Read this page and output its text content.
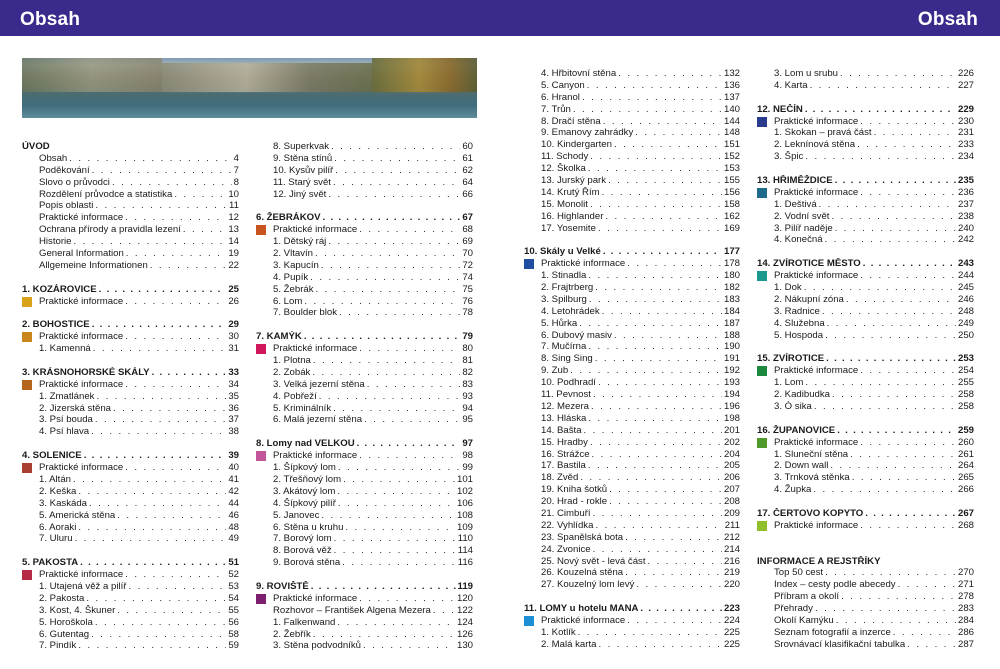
Obsah	Obsah
ÚVOD
Obsah . . .	4
Poděkování . . .	7
Slovo o průvodci . . .	8
Rozdělení průvodce a statistika . . .	10
Popis oblasti . . .	11
Praktické informace . . .	12
Ochrana přírody a pravidla lezení . . .	13
Historie . . .	14
General Information . . .	19
Allgemeine Informationen . . .	22
1. KOZÁROVICE . . .	25
Praktické informace . . .	26
2. BOHOSTICE . . .	29
Praktické informace . . .	30
1. Kamenná . . .	31
3. KRÁSNOHORSKÉ SKÁLY . . .	33
Praktické informace . . .	34
1. Zmatlánek . . .	35
2. Jizerská stěna . . .	36
3. Psí bouda . . .	37
4. Psí hlava . . .	38
4. SOLENICE . . .	39
Praktické informace . . .	40
1. Altán . . .	41
2. Keška . . .	42
3. Kaskáda . . .	44
5. Americká stěna . . .	46
6. Aoraki . . .	48
7. Uluru . . .	49
5. PAKOSTA . . .	51
Praktické informace . . .	52
1. Utajená věž a pilíř . . .	53
2. Pakosta . . .	54
3. Kost, 4. Škuner . . .	55
5. Horoškola . . .	56
6. Gutentag . . .	58
7. Pindík . . .	59
8. Superkvak . . .	60
9. Stěna stínů . . .	61
10. Kysův pilíř . . .	62
11. Starý svět . . .	64
12. Jiný svět . . .	66
6. ŽEBRÁKOV . . .	67
Praktické informace . . .	68
1. Dětský ráj . . .	69
2. Vltavín . . .	70
3. Kapucín . . .	72
4. Pupík . . .	74
5. Žebrák . . .	75
6. Lom . . .	76
7. Boulder blok . . .	78
7. KAMÝK . . .	79
Praktické informace . . .	80
1. Plotna . . .	81
2. Zobák . . .	82
3. Velká jezerní stěna . . .	83
4. Pobřeží . . .	93
5. Kriminálník . . .	94
6. Malá jezerní stěna . . .	95
8. Lomy nad VELKOU . . .	97
Praktické informace . . .	98
1. Šípkový lom . . .	99
2. Třešňový lom . . .	101
3. Akátový lom . . .	102
4. Šípkový pilíř . . .	106
5. Janovec . . .	108
6. Stěna u kruhu . . .	109
7. Borový lom . . .	110
8. Borová věž . . .	114
9. Borová stěna . . .	116
9. ROVIŠTĚ . . .	119
Praktické informace . . .	120
Rozhovor – František Algena Mezera . . .	122
1. Falkenwand . . .	124
2. Žebřík . . .	126
3. Stěna podvodníků . . .	130
4. Hřbitovní stěna . . .	132
5. Canyon . . .	136
6. Hranol . . .	137
7. Trůn . . .	140
8. Dračí stěna . . .	144
9. Emanovy zahrádky . . .	148
10. Kindergarten . . .	151
11. Schody . . .	152
12. Školka . . .	153
13. Jurský park . . .	155
14. Krutý Řím . . .	156
15. Monolit . . .	158
16. Highlander . . .	162
17. Yosemite . . .	169
10. Skály u Velké . . .	177
Praktické informace . . .	178
1. Stinadla . . .	180
2. Frajtrberg . . .	182
3. Spilburg . . .	183
4. Letohrádek . . .	184
5. Hůrka . . .	187
6. Dubový masiv . . .	188
7. Mučírna . . .	190
8. Sing Sing . . .	191
9. Zub . . .	192
10. Podhradí . . .	193
11. Pevnost . . .	194
12. Mezera . . .	196
13. Hláska . . .	198
14. Bašta . . .	201
15. Hradby . . .	202
16. Strážce . . .	204
17. Bastila . . .	205
18. Zvěd . . .	206
19. Kniha šotků . . .	207
20. Hrad - rokle . . .	208
21. Cimbuří . . .	209
22. Vyhlídka . . .	211
23. Spanělská bota . . .	212
24. Zvonice . . .	214
25. Nový svět - levá část . . .	216
26. Kouzelná stěna . . .	219
27. Kouzelný lom levý . . .	220
11. LOMY u hotelu MANA . . .	223
Praktické informace . . .	224
1. Kotlík . . .	225
2. Malá karta . . .	225
3. Lom u srubu . . .	226
4. Karta . . .	227
12. NEČÍN . . .	229
Praktické informace . . .	230
1. Skokan – pravá část . . .	231
2. Leknínová stěna . . .	233
3. Špic . . .	234
13. HŘIMĚŽDICE . . .	235
Praktické informace . . .	236
1. Deštivá . . .	237
2. Vodní svět . . .	238
3. Pilíř naděje . . .	240
4. Konečná . . .	242
14. ZVÍROTICE MĚSTO . . .	243
Praktické informace . . .	244
1. Dok . . .	245
2. Nákupní zóna . . .	246
3. Radnice . . .	248
4. Služebna . . .	249
5. Hospoda . . .	250
15. ZVÍROTICE . . .	253
Praktické informace . . .	254
1. Lom . . .	255
2. Kadibudka . . .	258
3. Ó sika . . .	258
16. ŽUPANOVICE . . .	259
Praktické informace . . .	260
1. Sluneční stěna . . .	261
2. Down wall . . .	264
3. Trnková stěnka . . .	265
4. Župka . . .	266
17. ČERTOVO KOPYTO . . .	267
Praktické informace . . .	268
INFORMACE A REJSTŘÍKY
Top 50 cest . . .	270
Index – cesty podle abecedy . . .	271
Příbram a okolí . . .	278
Přehrady . . .	283
Okolí Kamýku . . .	284
Seznam fotografií a inzerce . . .	286
Srovnávací klasifikační tabulka . . .	287
